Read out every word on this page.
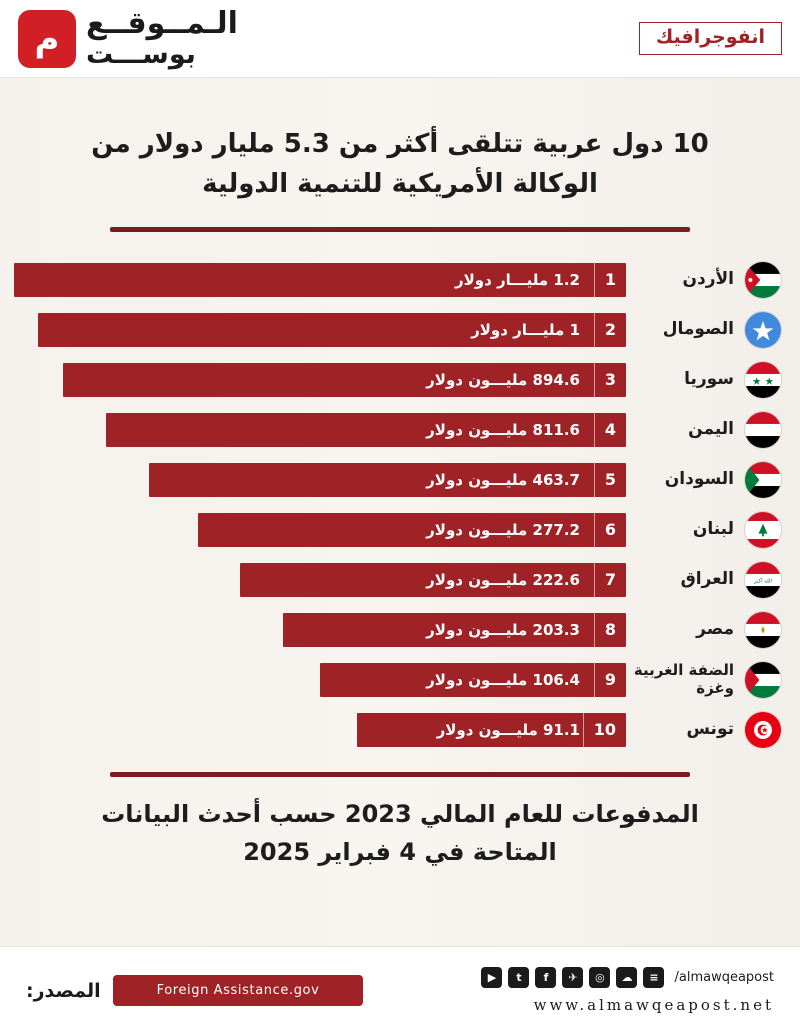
انفوجرافيك
الـمــوقــع
بوســـت
م
10 دول عربية تتلقى أكثر من 5.3 مليار دولار من الوكالة الأمريكية للتنمية الدولية
الأردن
1.2 مليـــار دولار	1
الصومال
1 مليـــار دولار	2
سوريا
894.6 مليـــون دولار	3
اليمن
811.6 مليـــون دولار	4
السودان
463.7 مليـــون دولار	5
لبنان
277.2 مليـــون دولار	6
الله أكبر
العراق
222.6 مليـــون دولار	7
مصر
203.3 مليـــون دولار	8
الضفة الغربية وغزة
106.4 مليـــون دولار	9
تونس
91.1 مليـــون دولار 10
المدفوعات للعام المالي 2023 حسب أحدث البيانات المتاحة في 4 فبراير 2025
▶	t	f	✈	◎	☁	≡	/almawqeapost
www.almawqeapost.net
Foreign Assistance.gov
المصدر:
